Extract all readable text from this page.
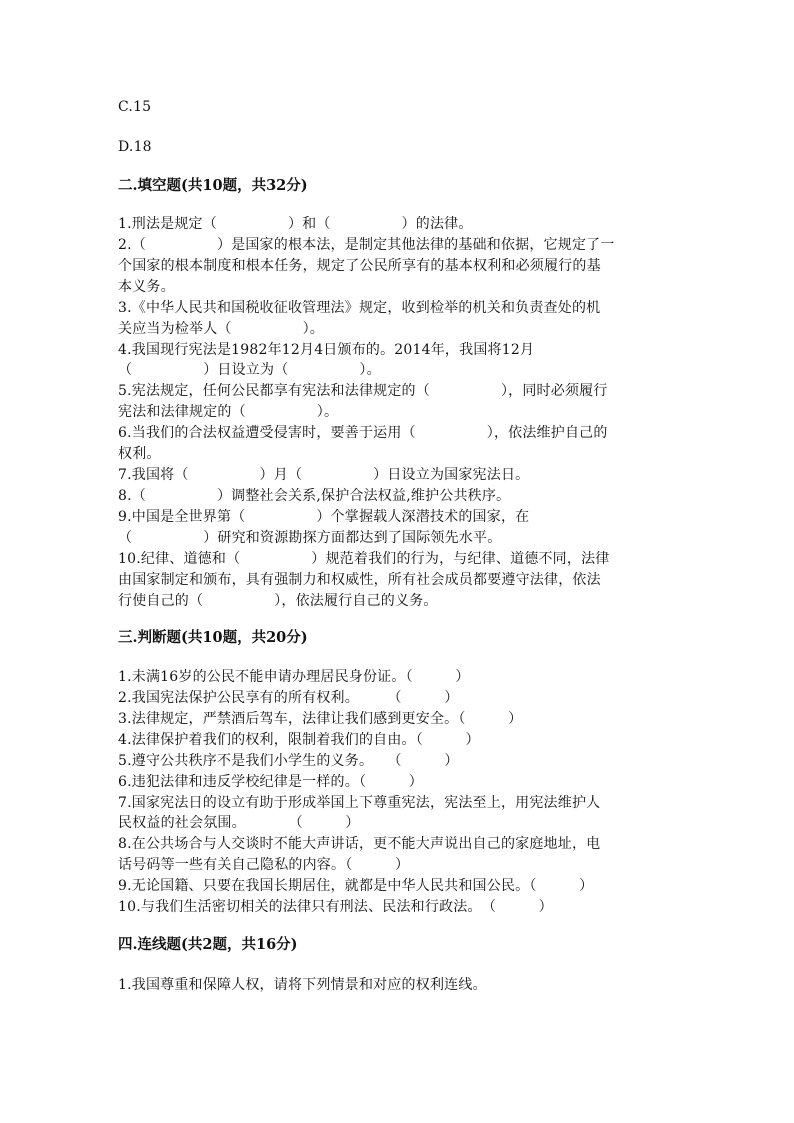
C.15
D.18
二.填空题(共10题，共32分)
1.刑法是规定（　　　　　）和（　　　　　）的法律。
2.（　　　　　）是国家的根本法，是制定其他法律的基础和依据，它规定了一
个国家的根本制度和根本任务，规定了公民所享有的基本权利和必须履行的基
本义务。
3.《中华人民共和国税收征收管理法》规定，收到检举的机关和负责查处的机
关应当为检举人（　　　　　）。
4.我国现行宪法是1982年12月4日颁布的。2014年，我国将12月
（　　　　　）日设立为（　　　　　）。
5.宪法规定，任何公民都享有宪法和法律规定的（　　　　　），同时必须履行
宪法和法律规定的（　　　　　）。
6.当我们的合法权益遭受侵害时，要善于运用（　　　　　），依法维护自己的
权利。
7.我国将（　　　　　）月（　　　　　）日设立为国家宪法日。
8.（　　　　　）调整社会关系,保护合法权益,维护公共秩序。
9.中国是全世界第（　　　　　）个掌握载人深潜技术的国家，在
（　　　　　）研究和资源勘探方面都达到了国际领先水平。
10.纪律、道德和（　　　　　）规范着我们的行为，与纪律、道德不同，法律
由国家制定和颁布，具有强制力和权威性，所有社会成员都要遵守法律，依法
行使自己的（　　　　　），依法履行自己的义务。
三.判断题(共10题，共20分)
1.未满16岁的公民不能申请办理居民身份证。（　　　）
2.我国宪法保护公民享有的所有权利。　　　（　　　）
3.法律规定，严禁酒后驾车，法律让我们感到更安全。（　　　）
4.法律保护着我们的权利，限制着我们的自由。（　　　）
5.遵守公共秩序不是我们小学生的义务。　　（　　　）
6.违犯法律和违反学校纪律是一样的。（　　　）
7.国家宪法日的设立有助于形成举国上下尊重宪法，宪法至上，用宪法维护人
民权益的社会氛围。　　　　（　　　）
8.在公共场合与人交谈时不能大声讲话，更不能大声说出自己的家庭地址，电
话号码等一些有关自己隐私的内容。（　　　）
9.无论国籍、只要在我国长期居住，就都是中华人民共和国公民。（　　　）
10.与我们生活密切相关的法律只有刑法、民法和行政法。　（　　　）
四.连线题(共2题，共16分)
1.我国尊重和保障人权，请将下列情景和对应的权利连线。
